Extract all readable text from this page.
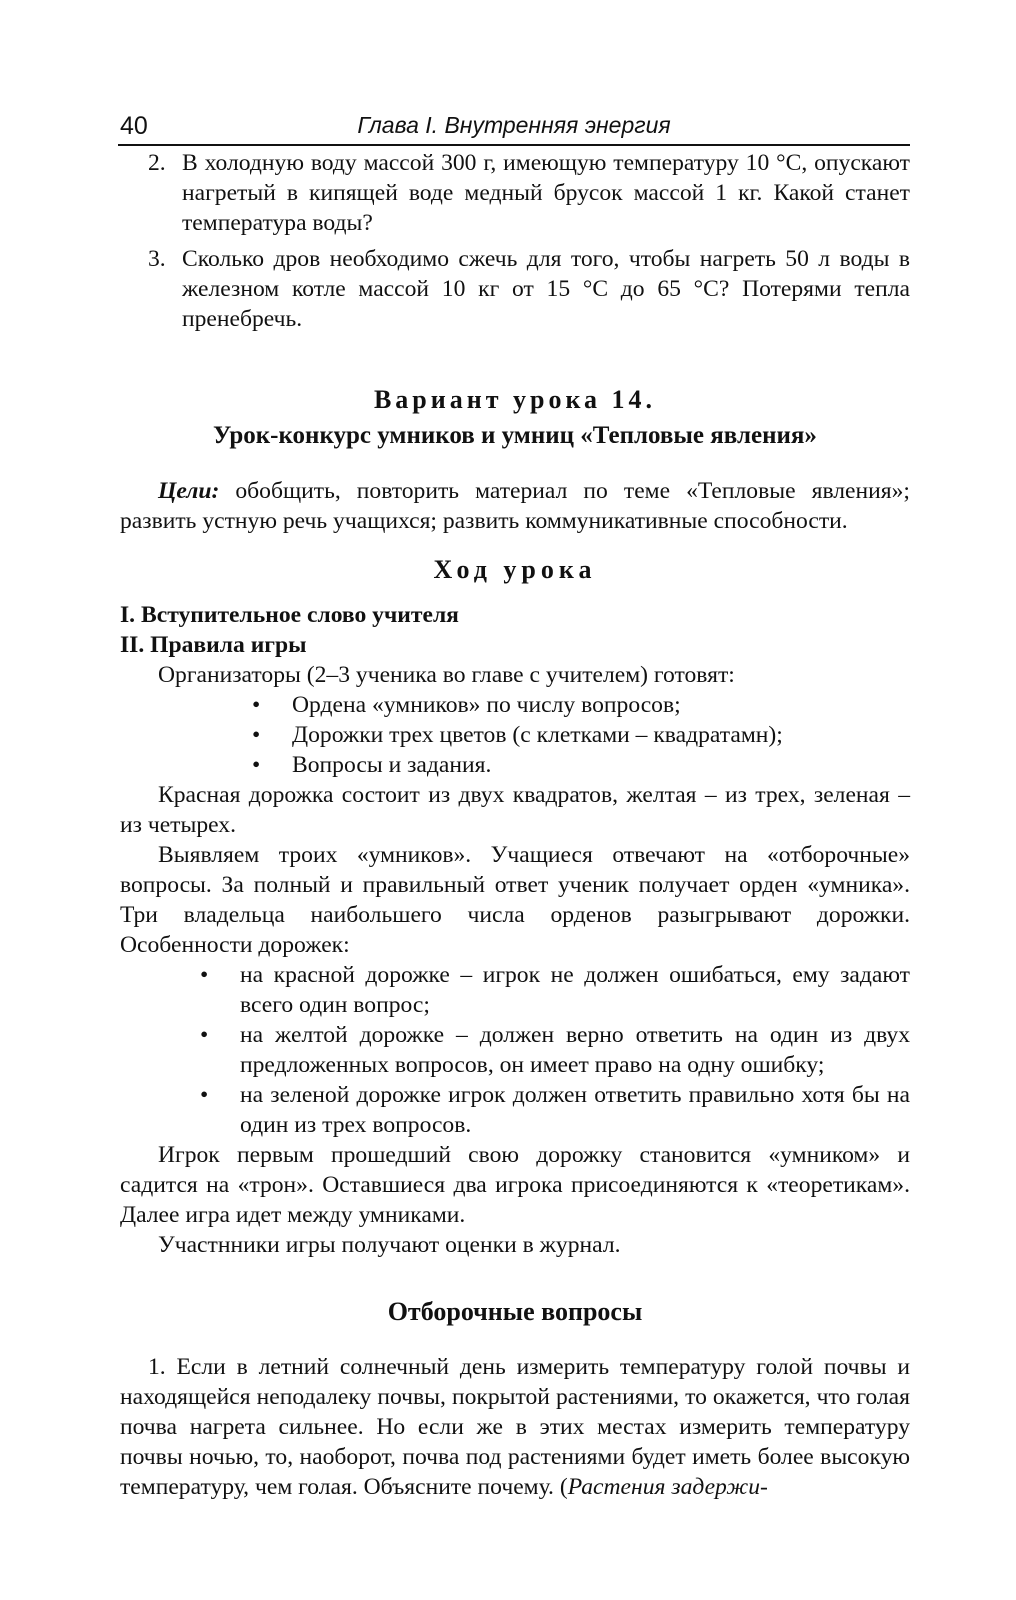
40	Глава I. Внутренняя энергия
2. В холодную воду массой 300 г, имеющую температуру 10 °С, опускают нагретый в кипящей воде медный брусок массой 1 кг. Какой станет температура воды?
3. Сколько дров необходимо сжечь для того, чтобы нагреть 50 л воды в железном котле массой 10 кг от 15 °С до 65 °С? Потерями тепла пренебречь.
Вариант урока 14.
Урок-конкурс умников и умниц «Тепловые явления»

Цели: обобщить, повторить материал по теме «Тепловые явления»; развить устную речь учащихся; развить коммуникативные способности.

Ход урока
I. Вступительное слово учителя
II. Правила игры

Организаторы (2–3 ученика во главе с учителем) готовят:

• Ордена «умников» по числу вопросов;
• Дорожки трех цветов (с клетками – квадратамн);
• Вопросы и задания.

Красная дорожка состоит из двух квадратов, желтая – из трех, зеленая – из четырех.

Выявляем троих «умников». Учащиеся отвечают на «отборочные» вопросы. За полный и правильный ответ ученик получает орден «умника». Три владельца наибольшего числа орденов разыгрывают дорожки. Особенности дорожек:

• на красной дорожке – игрок не должен ошибаться, ему задают всего один вопрос;
• на желтой дорожке – должен верно ответить на один из двух предложенных вопросов, он имеет право на одну ошибку;
• на зеленой дорожке игрок должен ответить правильно хотя бы на один из трех вопросов.

Игрок первым прошедший свою дорожку становится «умником» и садится на «трон». Оставшиеся два игрока присоединяются к «теоретикам». Далее игра идет между умниками.

Участнники игры получают оценки в журнал.

Отборочные вопросы

1. Если в летний солнечный день измерить температуру голой почвы и находящейся неподалеку почвы, покрытой растениями, то окажется, что голая почва нагрета сильнее. Но если же в этих местах измерить температуру почвы ночью, то, наоборот, почва под растениями будет иметь более высокую температуру, чем голая. Объясните почему. (Растения задержи-
